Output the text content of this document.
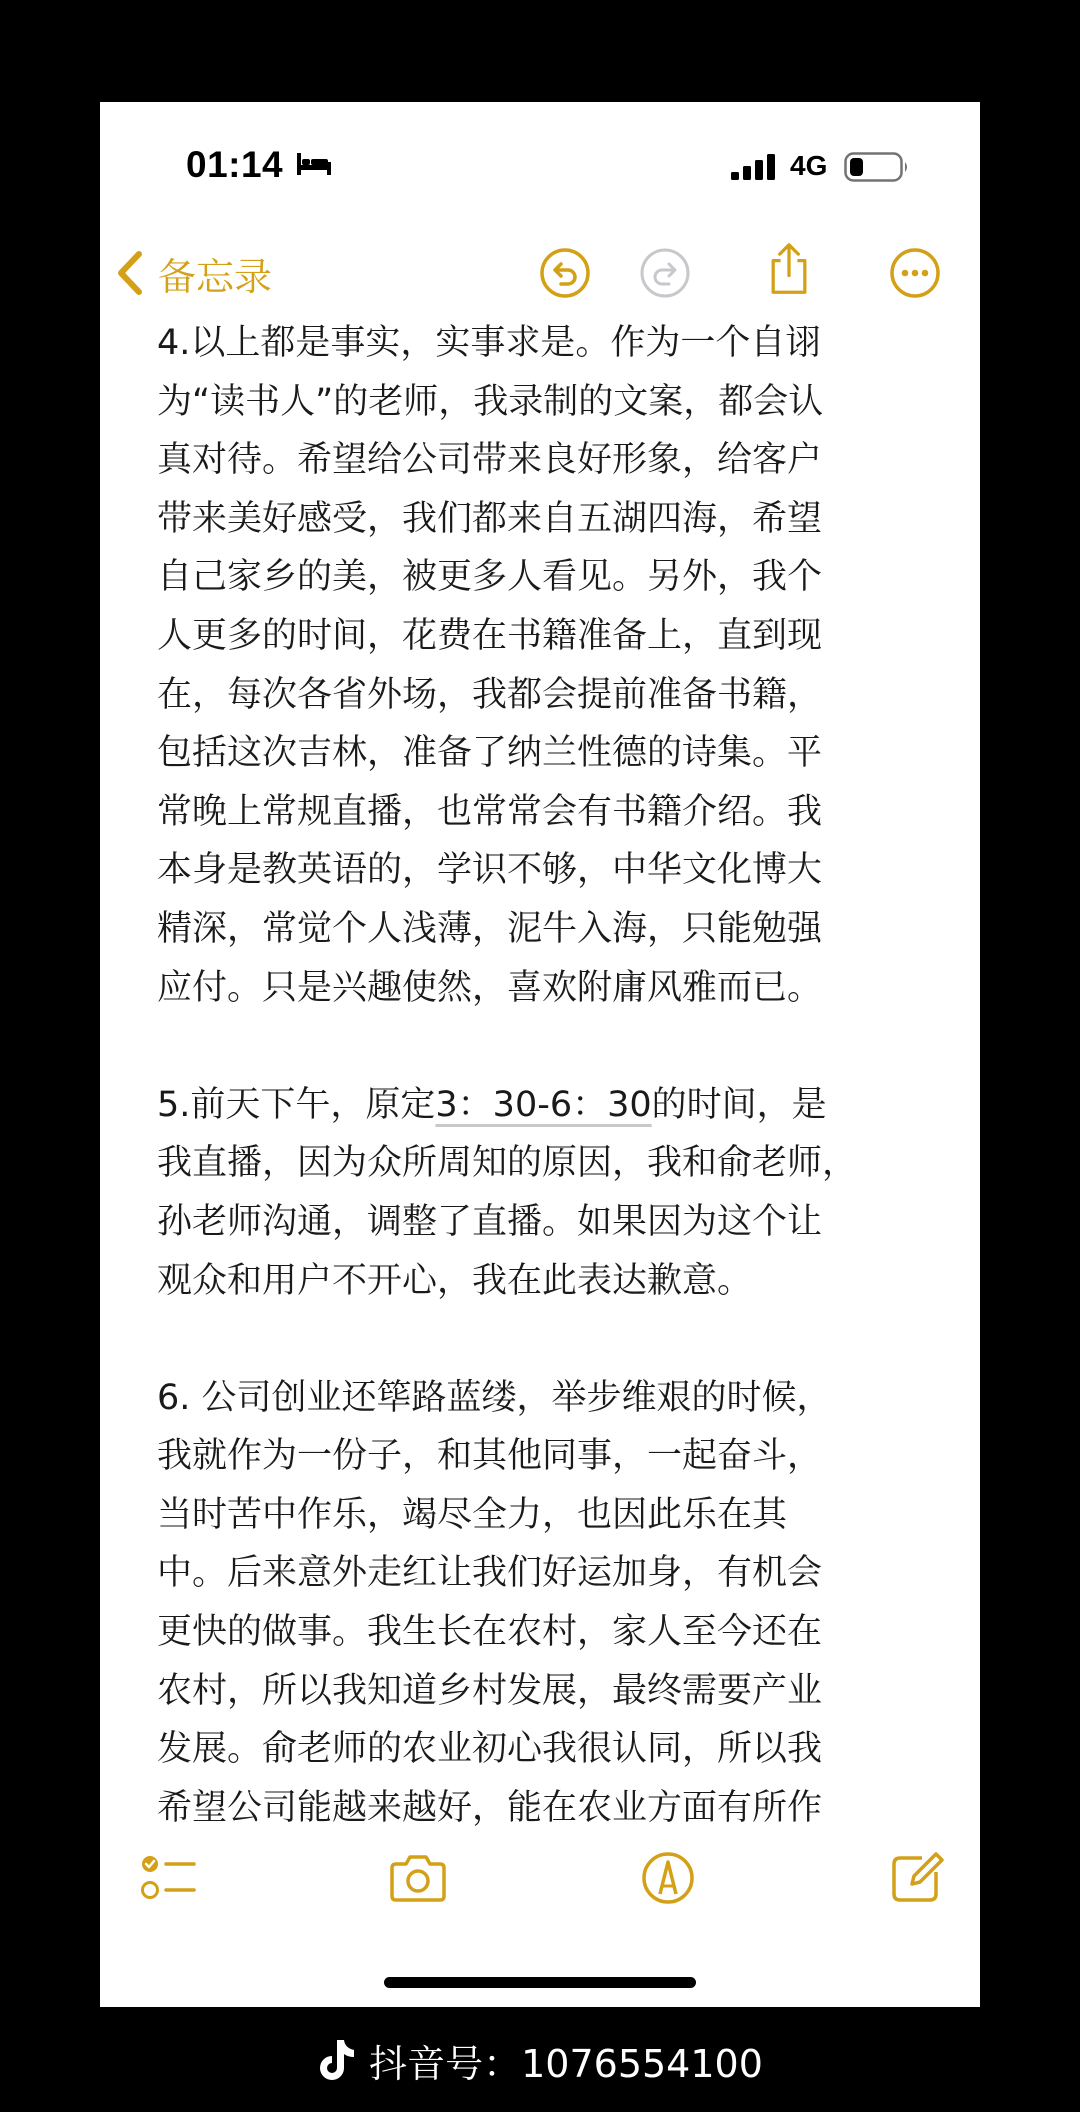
01:14	4G
备忘录
4.以上都是事实，实事求是。作为一个自诩
为“读书人”的老师，我录制的文案，都会认
真对待。希望给公司带来良好形象，给客户
带来美好感受，我们都来自五湖四海，希望
自己家乡的美，被更多人看见。另外，我个
人更多的时间，花费在书籍准备上，直到现
在，每次各省外场，我都会提前准备书籍，
包括这次吉林，准备了纳兰性德的诗集。平
常晚上常规直播，也常常会有书籍介绍。我
本身是教英语的，学识不够，中华文化博大
精深，常觉个人浅薄，泥牛入海，只能勉强
应付。只是兴趣使然，喜欢附庸风雅而已。
5.前天下午，原定3：30-6：30的时间，是
我直播，因为众所周知的原因，我和俞老师，
孙老师沟通，调整了直播。如果因为这个让
观众和用户不开心，我在此表达歉意。
6. 公司创业还筚路蓝缕，举步维艰的时候，
我就作为一份子，和其他同事，一起奋斗，
当时苦中作乐，竭尽全力，也因此乐在其
中。后来意外走红让我们好运加身，有机会
更快的做事。我生长在农村，家人至今还在
农村，所以我知道乡村发展，最终需要产业
发展。俞老师的农业初心我很认同，所以我
希望公司能越来越好，能在农业方面有所作
抖音号：1076554100
